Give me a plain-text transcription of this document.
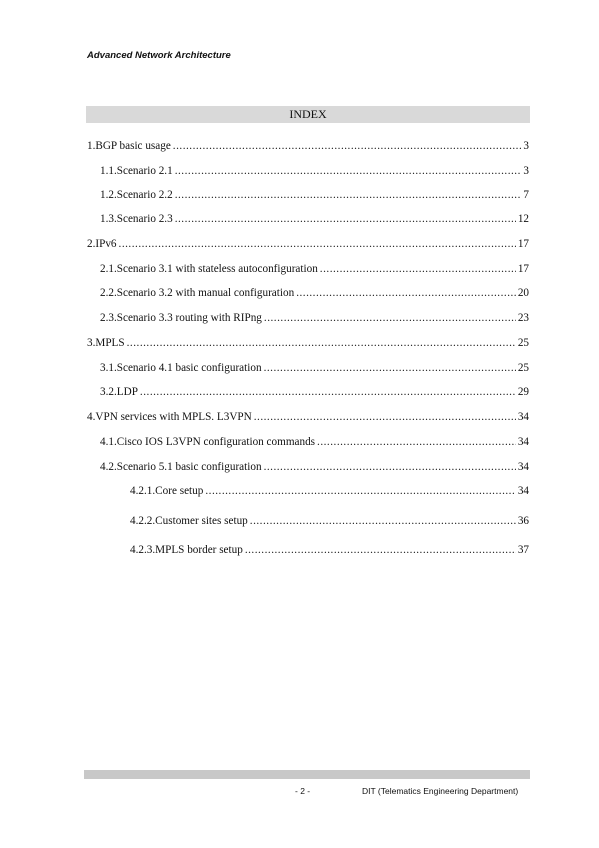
Advanced Network Architecture
INDEX
1. BGP basic usage .....	3
1.1. Scenario 2.1 .....	3
1.2. Scenario 2.2 .....	7
1.3. Scenario 2.3 .....	12
2. IPv6 .....	17
2.1. Scenario 3.1 with stateless autoconfiguration .....	17
2.2. Scenario 3.2 with manual configuration .....	20
2.3. Scenario 3.3 routing with RIPng .....	23
3. MPLS .....	25
3.1. Scenario 4.1 basic configuration .....	25
3.2. LDP .....	29
4. VPN services with MPLS. L3VPN .....	34
4.1. Cisco IOS L3VPN configuration commands .....	34
4.2. Scenario 5.1 basic configuration .....	34
4.2.1. Core setup .....	34
4.2.2. Customer sites setup .....	36
4.2.3. MPLS border setup .....	37
- 2 -	DIT (Telematics Engineering Department)
